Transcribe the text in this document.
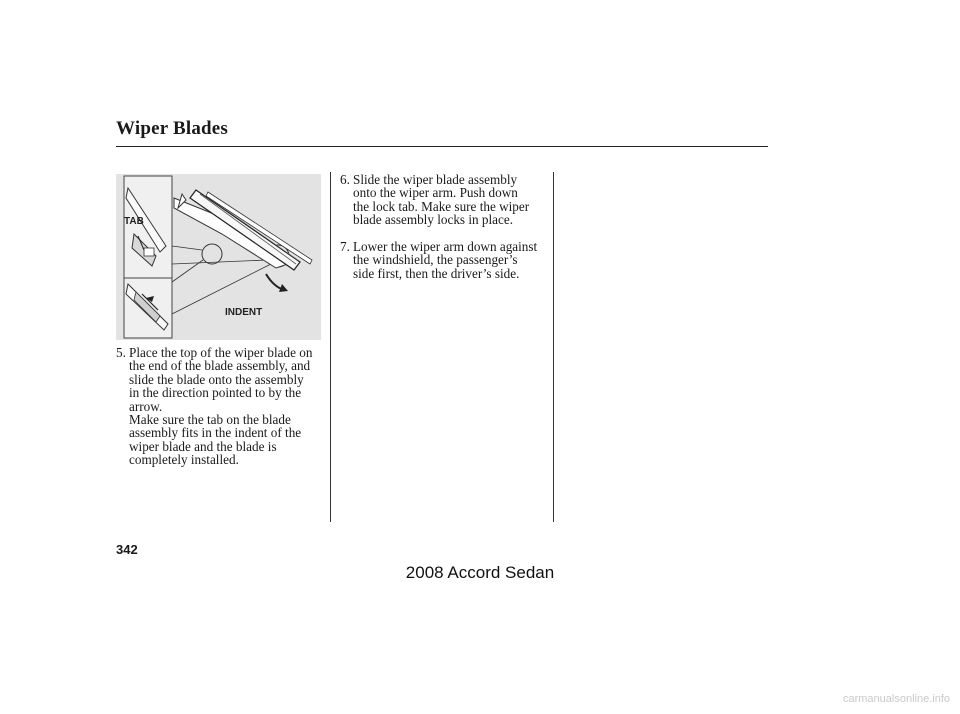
Wiper Blades
TAB
INDENT
5. Place the top of the wiper blade on

the end of the blade assembly, and

slide the blade onto the assembly

in the direction pointed to by the

arrow.

Make sure the tab on the blade

assembly fits in the indent of the

wiper blade and the blade is

completely installed.

6. Slide the wiper blade assembly

onto the wiper arm. Push down

the lock tab. Make sure the wiper

blade assembly locks in place.

7. Lower the wiper arm down against

the windshield, the passenger’s

side first, then the driver’s side.

342
2008 Accord Sedan
carmanualsonline.info
